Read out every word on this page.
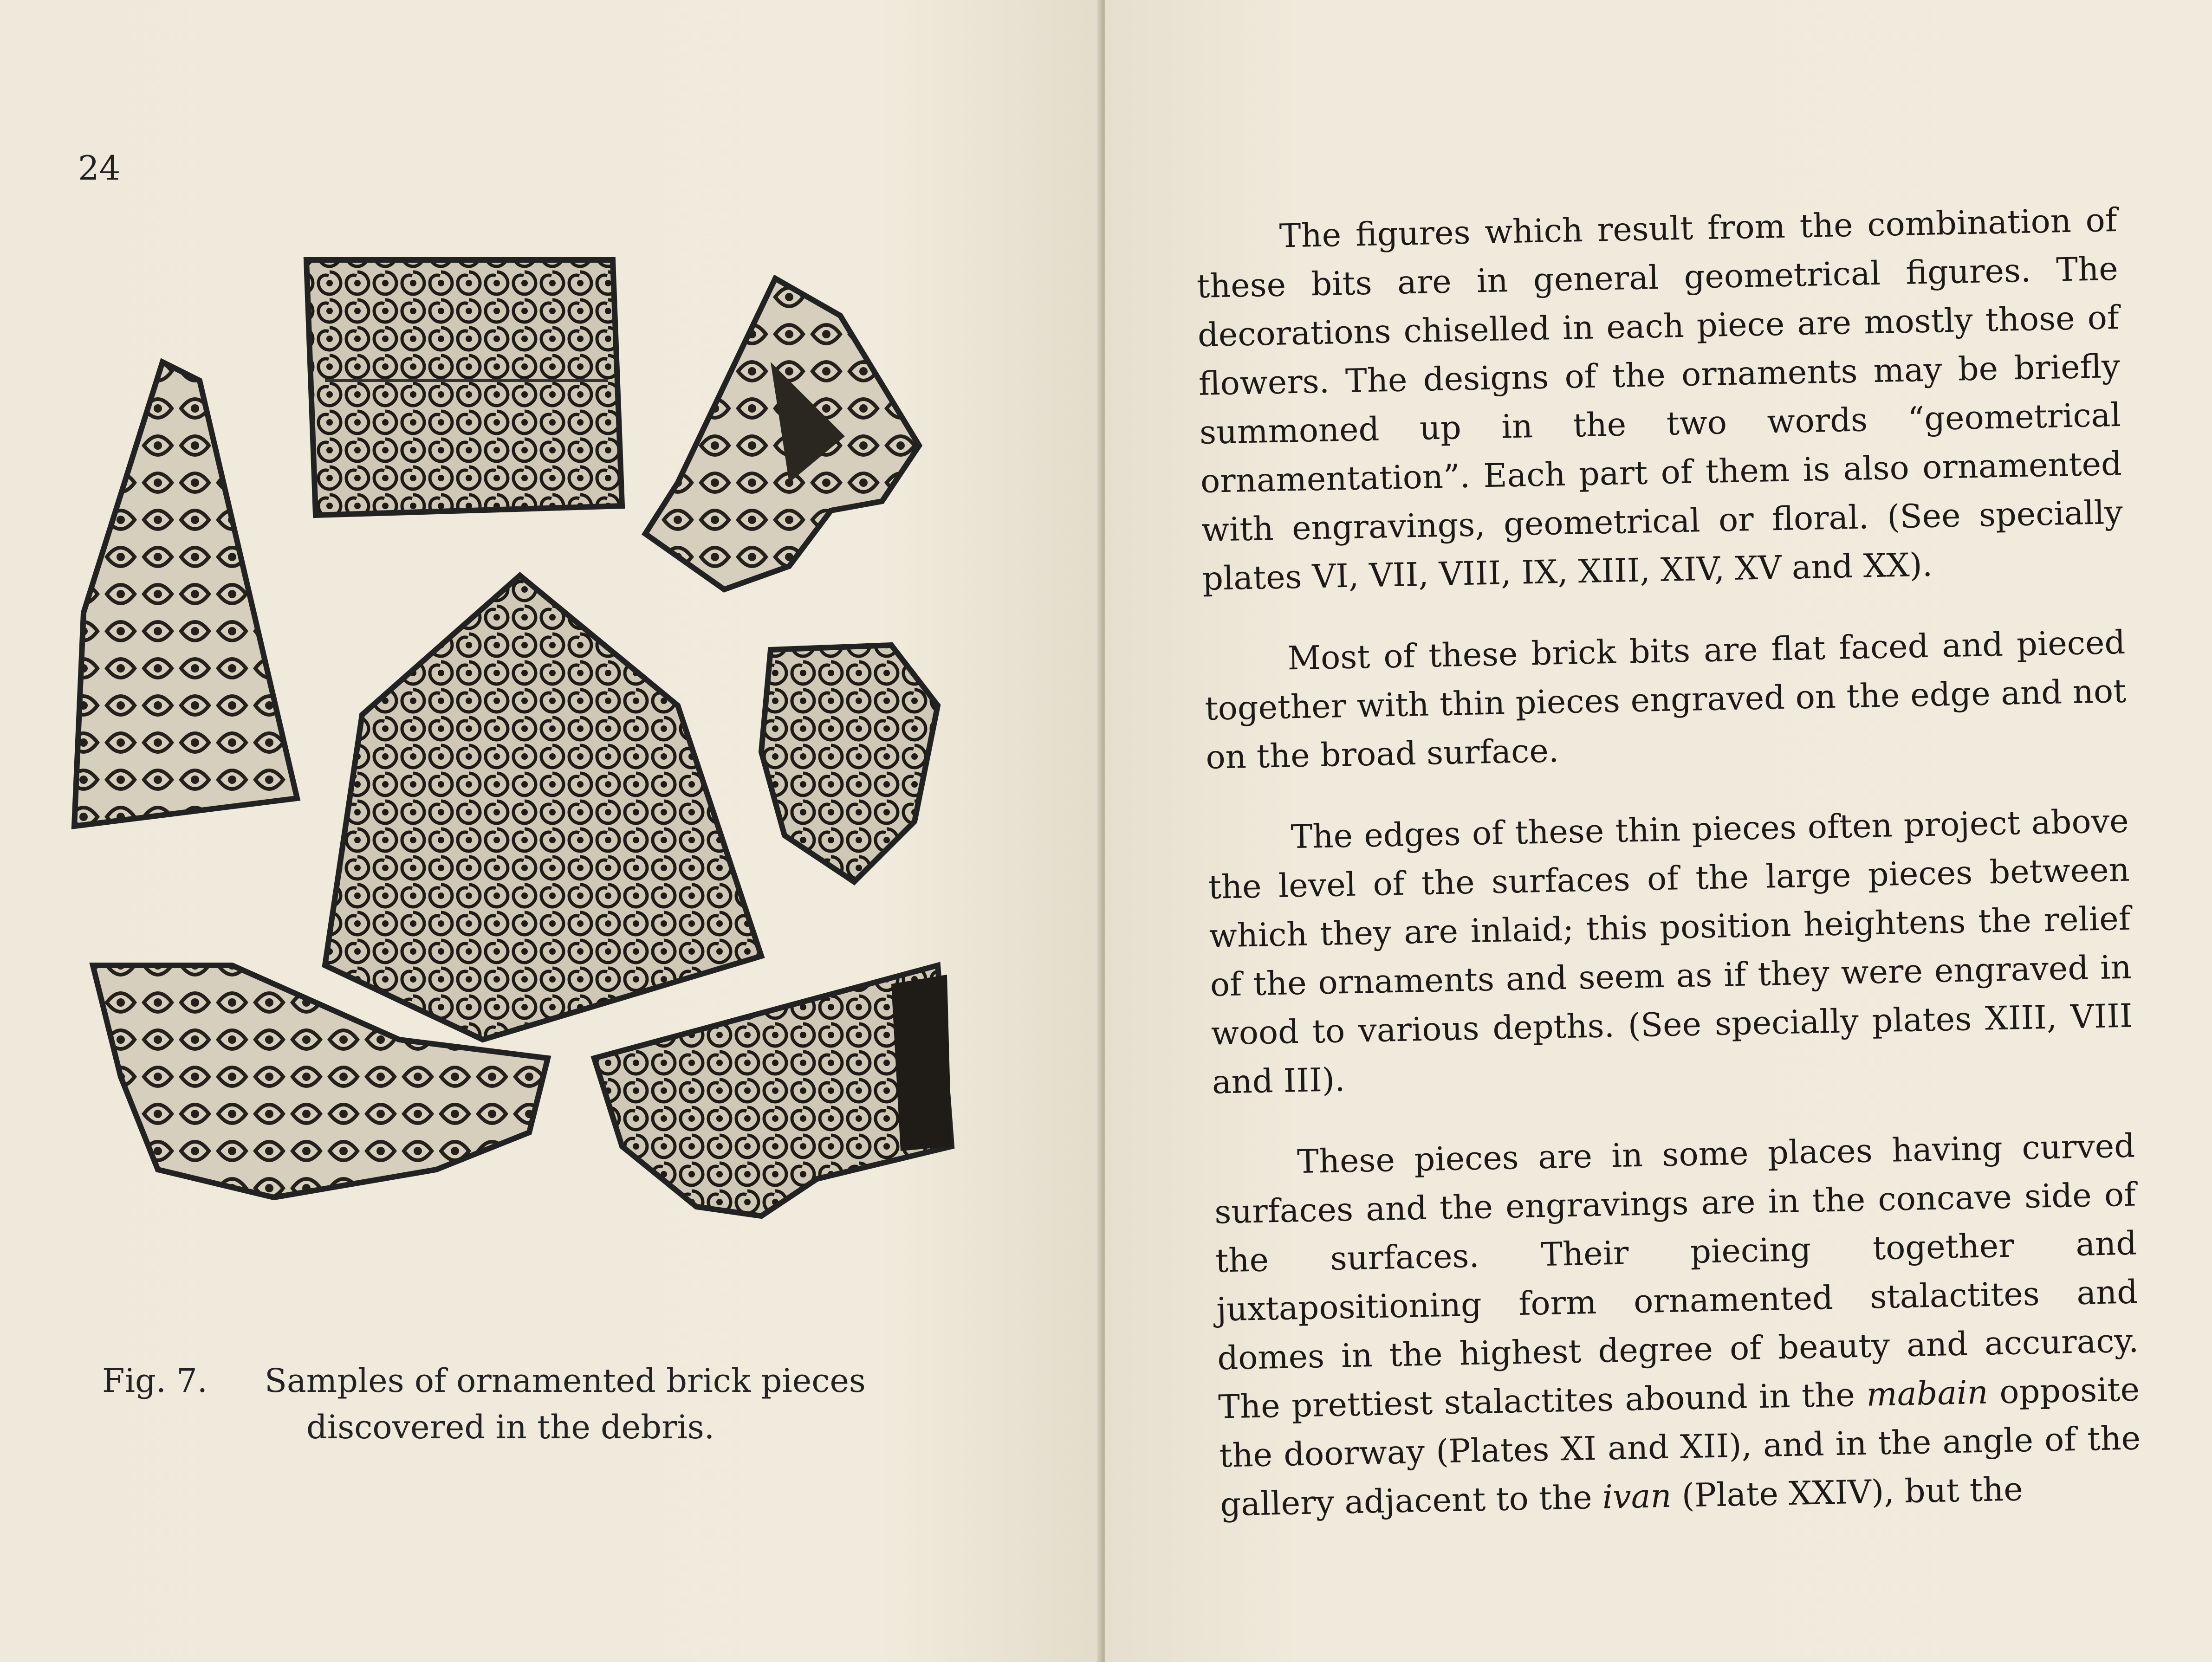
24
Fig. 7. Samples of ornamented brick pieces
discovered in the debris.

The figures which result from the combination of these bits are in general geometrical figures. The decorations chiselled in each piece are mostly those of flowers. The designs of the ornaments may be briefly summoned up in the two words “geometrical ornamentation”. Each part of them is also ornamented with engravings, geometrical or floral. (See specially plates VI, VII, VIII, IX, XIII, XIV, XV and XX).

Most of these brick bits are flat faced and pieced together with thin pieces engraved on the edge and not on the broad surface.

The edges of these thin pieces often project above the level of the surfaces of the large pieces between which they are inlaid; this position heightens the relief of the ornaments and seem as if they were engraved in wood to various depths. (See specially plates XIII, VIII and III).

These pieces are in some places having curved surfaces and the engravings are in the concave side of the surfaces. Their piecing together and juxtapositioning form ornamented stalactites and domes in the highest degree of beauty and accuracy. The prettiest stalactites abound in the mabain opposite the doorway (Plates XI and XII), and in the angle of the gallery adjacent to the ivan (Plate XXIV), but the
